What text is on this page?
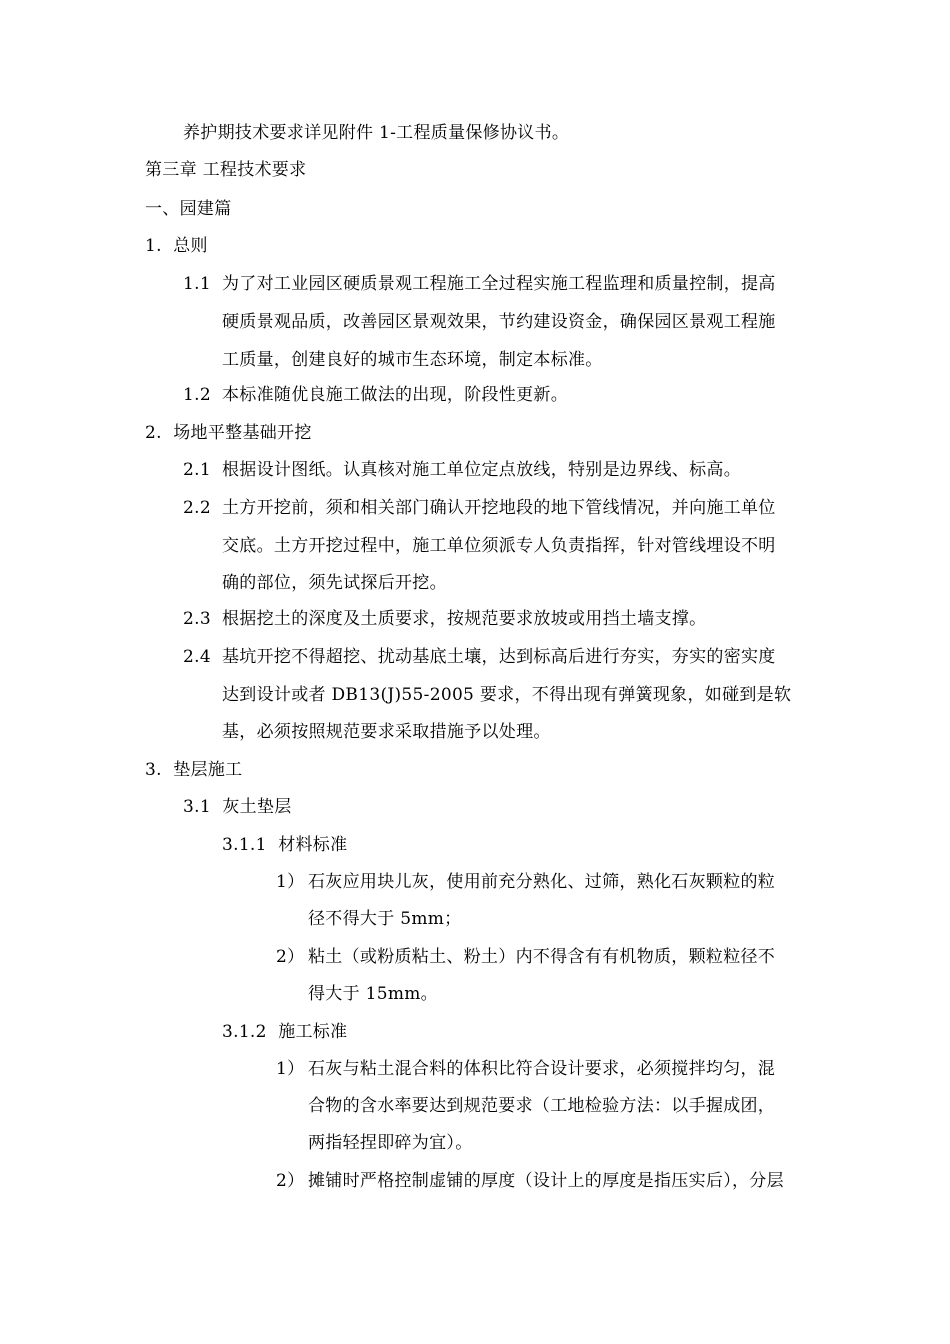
养护期技术要求详见附件 1-工程质量保修协议书。
第三章 工程技术要求
一、园建篇
1. 总则
1.1 为了对工业园区硬质景观工程施工全过程实施工程监理和质量控制，提高
硬质景观品质，改善园区景观效果，节约建设资金，确保园区景观工程施
工质量，创建良好的城市生态环境，制定本标准。
1.2 本标准随优良施工做法的出现，阶段性更新。
2. 场地平整基础开挖
2.1 根据设计图纸。认真核对施工单位定点放线，特别是边界线、标高。
2.2 土方开挖前，须和相关部门确认开挖地段的地下管线情况，并向施工单位
交底。土方开挖过程中，施工单位须派专人负责指挥，针对管线埋设不明
确的部位，须先试探后开挖。
2.3 根据挖土的深度及土质要求，按规范要求放坡或用挡土墙支撑。
2.4 基坑开挖不得超挖、扰动基底土壤，达到标高后进行夯实，夯实的密实度
达到设计或者 DB13(J)55-2005 要求，不得出现有弹簧现象，如碰到是软
基，必须按照规范要求采取措施予以处理。
3. 垫层施工
3.1 灰土垫层
3.1.1 材料标准
1） 石灰应用块儿灰，使用前充分熟化、过筛，熟化石灰颗粒的粒
径不得大于 5mm；
2） 粘土（或粉质粘土、粉土）内不得含有有机物质，颗粒粒径不
得大于 15mm。
3.1.2 施工标准
1） 石灰与粘土混合料的体积比符合设计要求，必须搅拌均匀，混
合物的含水率要达到规范要求（工地检验方法：以手握成团，
两指轻捏即碎为宜）。
2） 摊铺时严格控制虚铺的厚度（设计上的厚度是指压实后），分层
